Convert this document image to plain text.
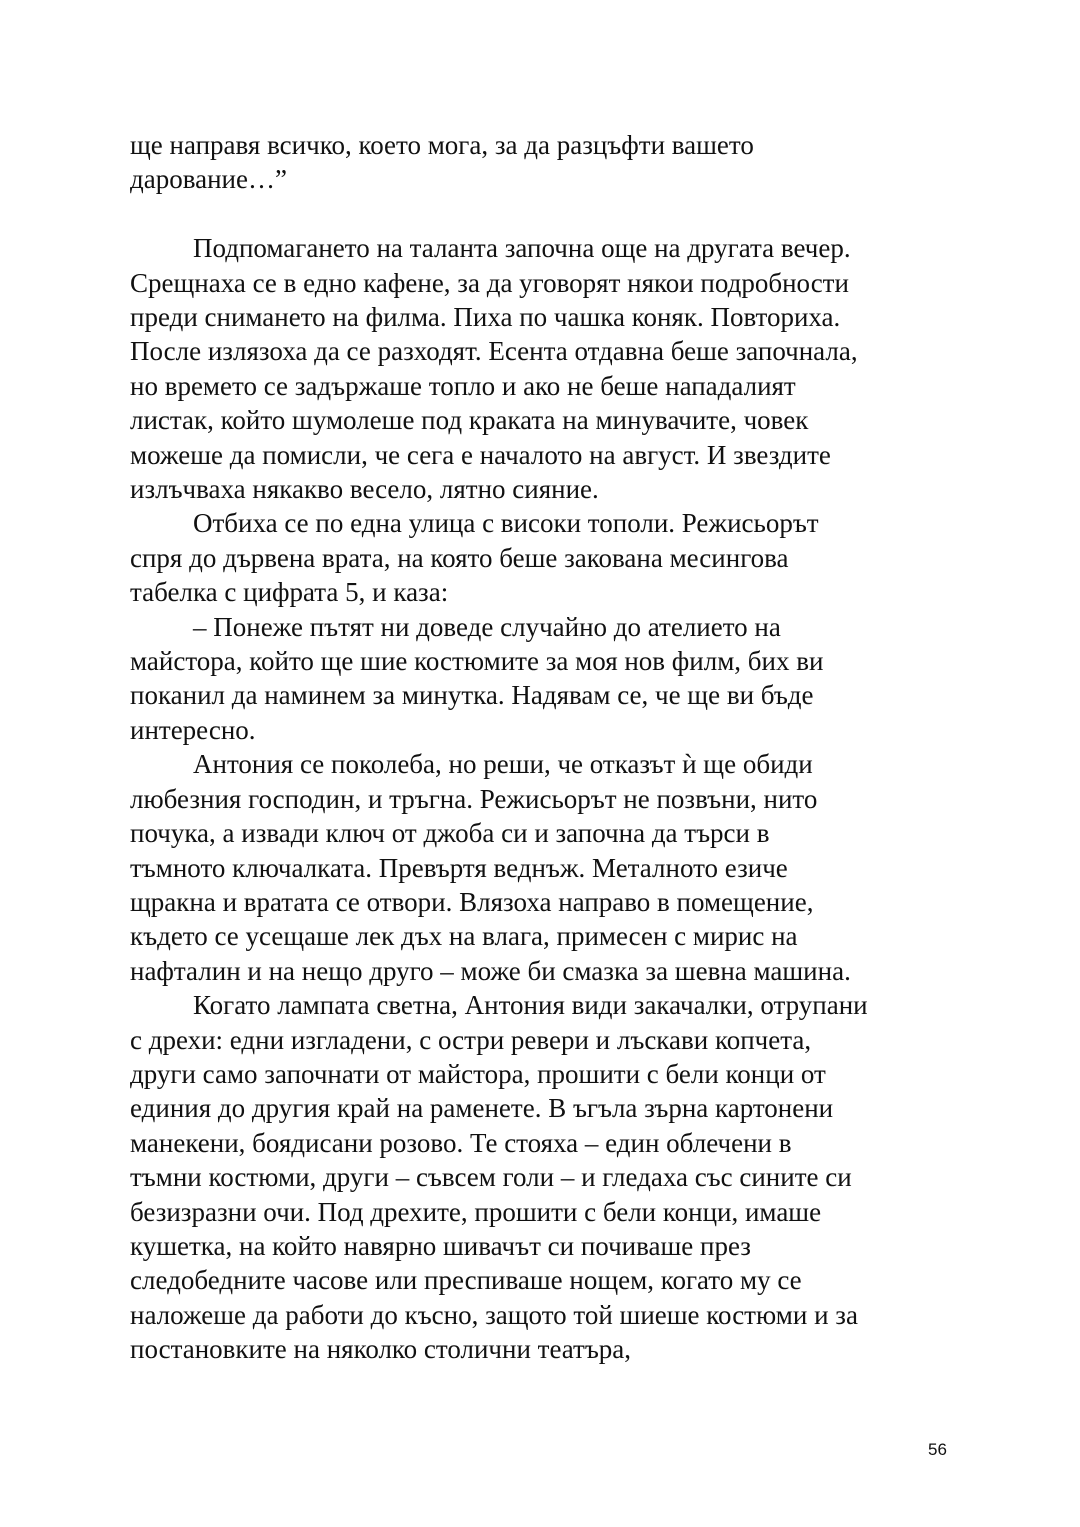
ще направя всичко, което мога, за да разцъфти вашето
дарование…”
Подпомагането на таланта започна още на другата вечер.
Срещнаха се в едно кафене, за да уговорят някои подробности
преди снимането на филма. Пиха по чашка коняк. Повториха.
После излязоха да се разходят. Есента отдавна беше започнала,
но времето се задържаше топло и ако не беше нападалият
листак, който шумолеше под краката на минувачите, човек
можеше да помисли, че сега е началото на август. И звездите
излъчваха някакво весело, лятно сияние.
Отбиха се по една улица с високи тополи. Режисьорът
спря до дървена врата, на която беше закована месингова
табелка с цифрата 5, и каза:
– Понеже пътят ни доведе случайно до ателието на
майстора, който ще шие костюмите за моя нов филм, бих ви
поканил да наминем за минутка. Надявам се, че ще ви бъде
интересно.
Антония се поколеба, но реши, че отказът ѝ ще обиди
любезния господин, и тръгна. Режисьорът не позвъни, нито
почука, а извади ключ от джоба си и започна да търси в
тъмното ключалката. Превъртя веднъж. Металното езиче
щракна и вратата се отвори. Влязоха направо в помещение,
където се усещаше лек дъх на влага, примесен с мирис на
нафталин и на нещо друго – може би смазка за шевна машина.
Когато лампата светна, Антония види закачалки, отрупани
с дрехи: едни изгладени, с остри ревери и лъскави копчета,
други само започнати от майстора, прошити с бели конци от
единия до другия край на раменете. В ъгъла зърна картонени
манекени, боядисани розово. Те стояха – един облечени в
тъмни костюми, други – съвсем голи – и гледаха със сините си
безизразни очи. Под дрехите, прошити с бели конци, имаше
кушетка, на който навярно шивачът си почиваше през
следобедните часове или преспиваше нощем, когато му се
наложеше да работи до късно, защото той шиеше костюми и за
постановките на няколко столични театъра,
56
